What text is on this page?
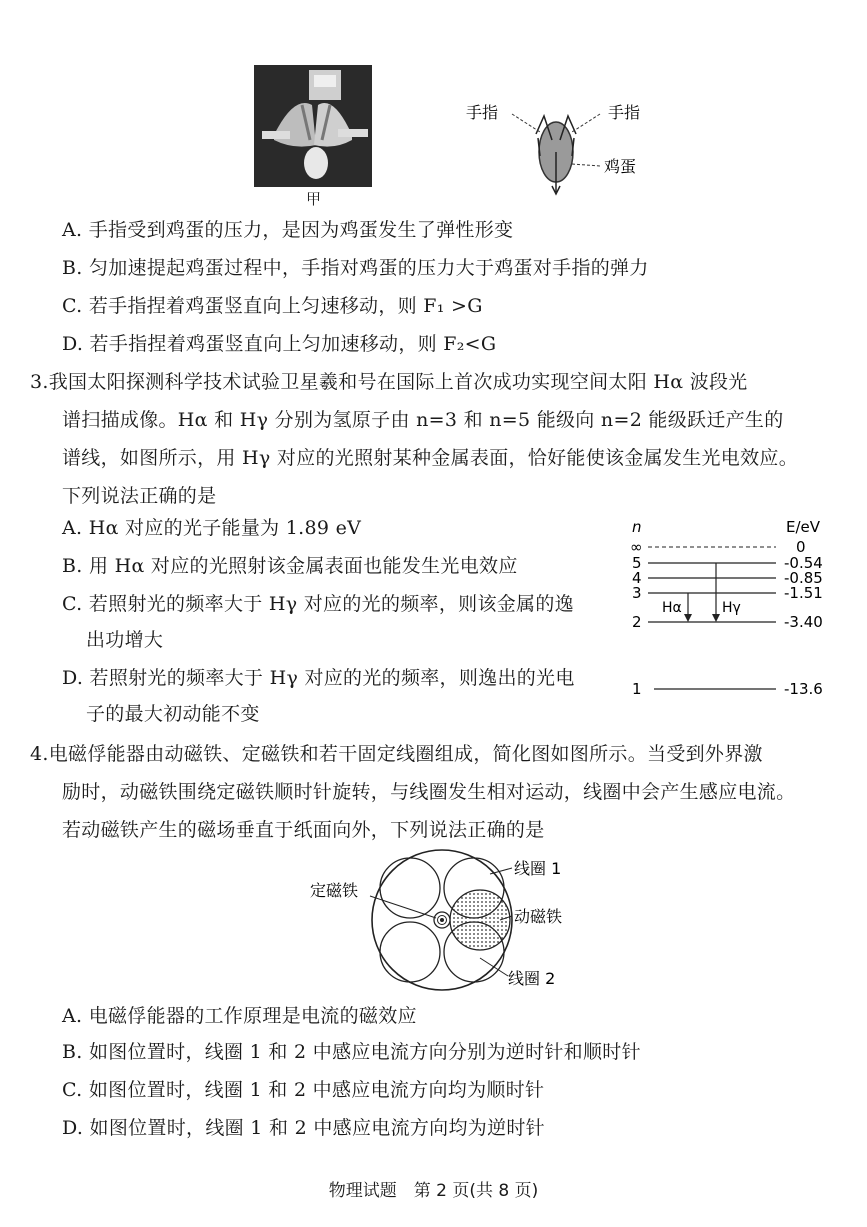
甲
手指	手指
鸡蛋
A. 手指受到鸡蛋的压力，是因为鸡蛋发生了弹性形变
B. 匀加速提起鸡蛋过程中，手指对鸡蛋的压力大于鸡蛋对手指的弹力
C. 若手指捏着鸡蛋竖直向上匀速移动，则 F₁ >G
D. 若手指捏着鸡蛋竖直向上匀加速移动，则 F₂<G
3.我国太阳探测科学技术试验卫星羲和号在国际上首次成功实现空间太阳 Hα 波段光
谱扫描成像。Hα 和 Hγ 分别为氢原子由 n=3 和 n=5 能级向 n=2 能级跃迁产生的
谱线，如图所示，用 Hγ 对应的光照射某种金属表面，恰好能使该金属发生光电效应。
下列说法正确的是
A. Hα 对应的光子能量为 1.89 eV
B. 用 Hα 对应的光照射该金属表面也能发生光电效应
C. 若照射光的频率大于 Hγ 对应的光的频率，则该金属的逸
出功增大
D. 若照射光的频率大于 Hγ 对应的光的频率，则逸出的光电
子的最大初动能不变
n	E/eV
∞	0
5	-0.54
4	-0.85
3	-1.51
2	-3.40
1	-13.6
Hα	Hγ
4.电磁俘能器由动磁铁、定磁铁和若干固定线圈组成，简化图如图所示。当受到外界激
励时，动磁铁围绕定磁铁顺时针旋转，与线圈发生相对运动，线圈中会产生感应电流。
若动磁铁产生的磁场垂直于纸面向外，下列说法正确的是
线圈 1
定磁铁
动磁铁
线圈 2
A. 电磁俘能器的工作原理是电流的磁效应
B. 如图位置时，线圈 1 和 2 中感应电流方向分别为逆时针和顺时针
C. 如图位置时，线圈 1 和 2 中感应电流方向均为顺时针
D. 如图位置时，线圈 1 和 2 中感应电流方向均为逆时针
物理试题　第 2 页(共 8 页)
